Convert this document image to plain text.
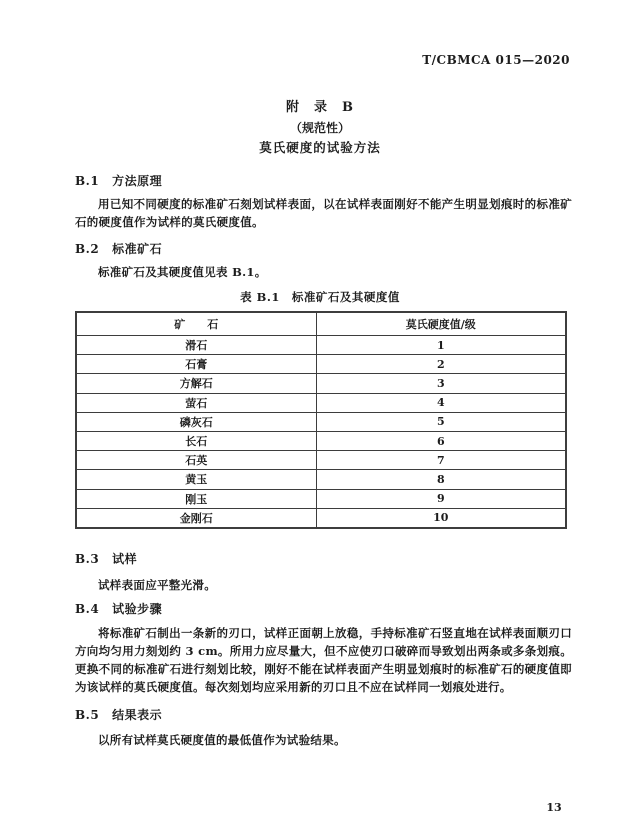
T/CBMCA 015—2020
附　录　B
（规范性）
莫氏硬度的试验方法
B.1 方法原理
用已知不同硬度的标准矿石刻划试样表面，以在试样表面刚好不能产生明显划痕时的标准矿石的硬度值作为试样的莫氏硬度值。
B.2 标准矿石
标准矿石及其硬度值见表 B.1。
表 B.1　标准矿石及其硬度值
矿　　石	莫氏硬度值/级
滑石	1
石膏	2
方解石	3
萤石	4
磷灰石	5
长石	6
石英	7
黄玉	8
刚玉	9
金刚石	10
B.3 试样
试样表面应平整光滑。
B.4 试验步骤
将标准矿石制出一条新的刃口，试样正面朝上放稳，手持标准矿石竖直地在试样表面顺刃口方向均匀用力刻划约 3 cm。所用力应尽量大，但不应使刃口破碎而导致划出两条或多条划痕。更换不同的标准矿石进行刻划比较，刚好不能在试样表面产生明显划痕时的标准矿石的硬度值即为该试样的莫氏硬度值。每次刻划均应采用新的刃口且不应在试样同一划痕处进行。
B.5 结果表示
以所有试样莫氏硬度值的最低值作为试验结果。
13
